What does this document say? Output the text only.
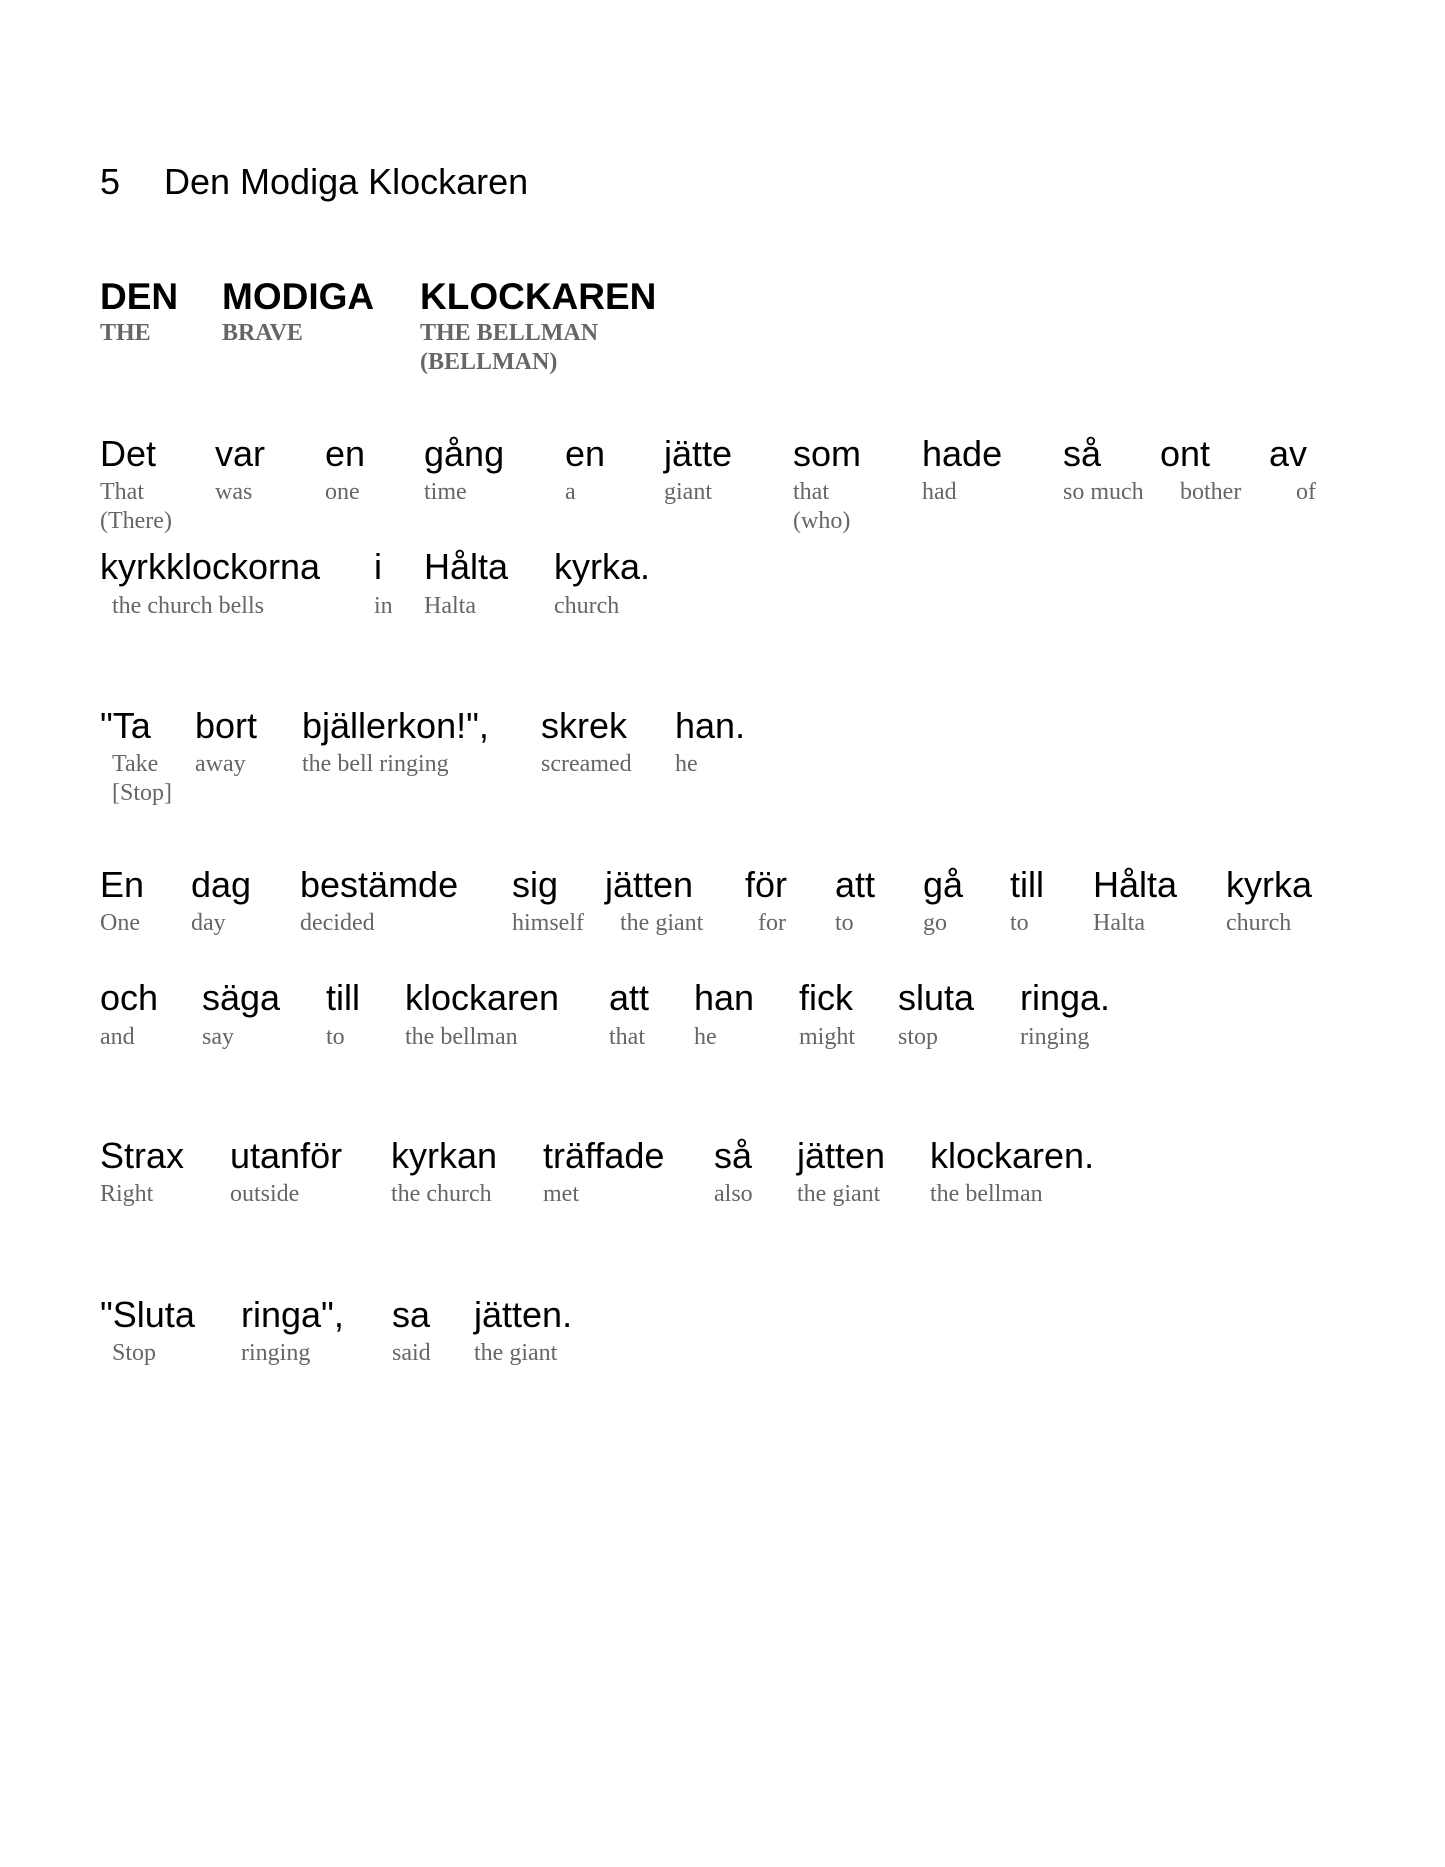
5 Den Modiga Klockaren
DEN
THE
MODIGA
BRAVE
KLOCKAREN
THE BELLMAN
(BELLMAN)
Det
That
(There)
var
was
en
one
gång
time
en
a
jätte
giant
som
that
(who)
hade
had
så
so much
ont
bother
av
of
kyrkklockorna
the church bells
i
in
Hålta
Halta
kyrka.
church
"Ta
Take
[Stop]
bort
away
bjällerkon!",
the bell ringing
skrek
screamed
han.
he
En
One
dag
day
bestämde
decided
sig
himself
jätten
the giant
för
for
att
to
gå
go
till
to
Hålta
Halta
kyrka
church
och
and
säga
say
till
to
klockaren
the bellman
att
that
han
he
fick
might
sluta
stop
ringa.
ringing
Strax
Right
utanför
outside
kyrkan
the church
träffade
met
så
also
jätten
the giant
klockaren.
the bellman
"Sluta
Stop
ringa",
ringing
sa
said
jätten.
the giant
